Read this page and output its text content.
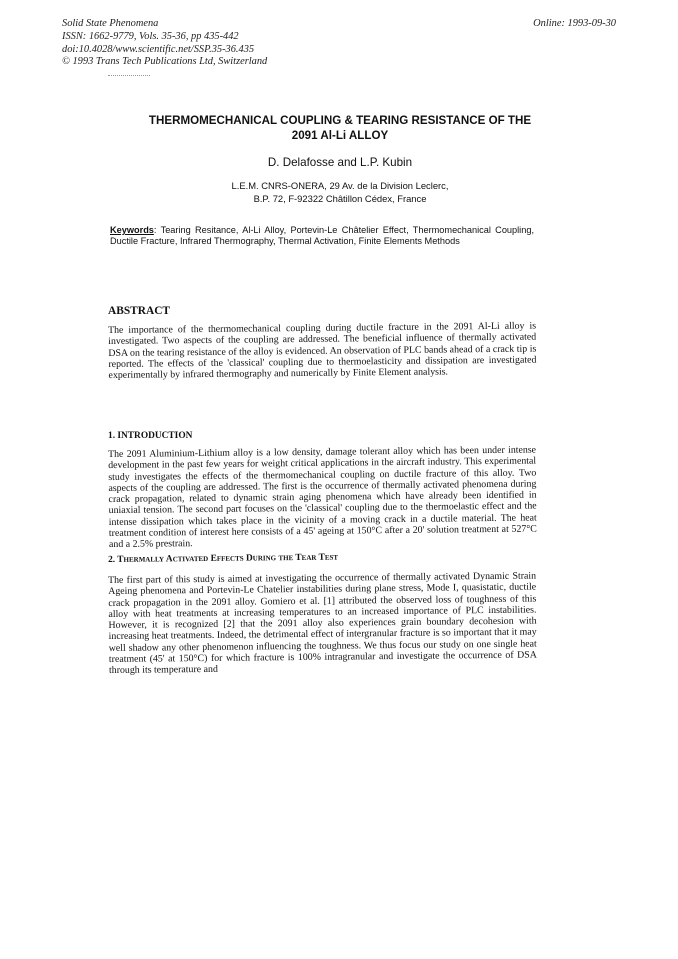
Solid State Phenomena
ISSN: 1662-9779, Vols. 35-36, pp 435-442
doi:10.4028/www.scientific.net/SSP.35-36.435
© 1993 Trans Tech Publications Ltd, Switzerland
Online: 1993-09-30
THERMOMECHANICAL COUPLING & TEARING RESISTANCE OF THE
2091 Al-Li ALLOY
D. Delafosse and L.P. Kubin
L.E.M. CNRS-ONERA, 29 Av. de la Division Leclerc,
B.P. 72, F-92322 Châtillon Cédex, France
Keywords: Tearing Resitance, Al-Li Alloy, Portevin-Le Châtelier Effect, Thermomechanical Coupling, Ductile Fracture, Infrared Thermography, Thermal Activation, Finite Elements Methods
ABSTRACT
The importance of the thermomechanical coupling during ductile fracture in the 2091 Al-Li alloy is investigated. Two aspects of the coupling are addressed. The beneficial influence of thermally activated DSA on the tearing resistance of the alloy is evidenced. An observation of PLC bands ahead of a crack tip is reported. The effects of the 'classical' coupling due to thermoelasticity and dissipation are investigated experimentally by infrared thermography and numerically by Finite Element analysis.
1. INTRODUCTION
The 2091 Aluminium-Lithium alloy is a low density, damage tolerant alloy which has been under intense development in the past few years for weight critical applications in the aircraft industry. This experimental study investigates the effects of the thermomechanical coupling on ductile fracture of this alloy. Two aspects of the coupling are addressed. The first is the occurrence of thermally activated phenomena during crack propagation, related to dynamic strain aging phenomena which have already been identified in uniaxial tension. The second part focuses on the 'classical' coupling due to the thermoelastic effect and the intense dissipation which takes place in the vicinity of a moving crack in a ductile material. The heat treatment condition of interest here consists of a 45' ageing at 150°C after a 20' solution treatment at 527°C and a 2.5% prestrain.
2. Thermally Activated Effects During the Tear Test
The first part of this study is aimed at investigating the occurrence of thermally activated Dynamic Strain Ageing phenomena and Portevin-Le Chatelier instabilities during plane stress, Mode I, quasistatic, ductile crack propagation in the 2091 alloy. Gomiero et al. [1] attributed the observed loss of toughness of this alloy with heat treatments at increasing temperatures to an increased importance of PLC instabilities. However, it is recognized [2] that the 2091 alloy also experiences grain boundary decohesion with increasing heat treatments. Indeed, the detrimental effect of intergranular fracture is so important that it may well shadow any other phenomenon influencing the toughness. We thus focus our study on one single heat treatment (45' at 150°C) for which fracture is 100% intragranular and investigate the occurrence of DSA through its temperature and
